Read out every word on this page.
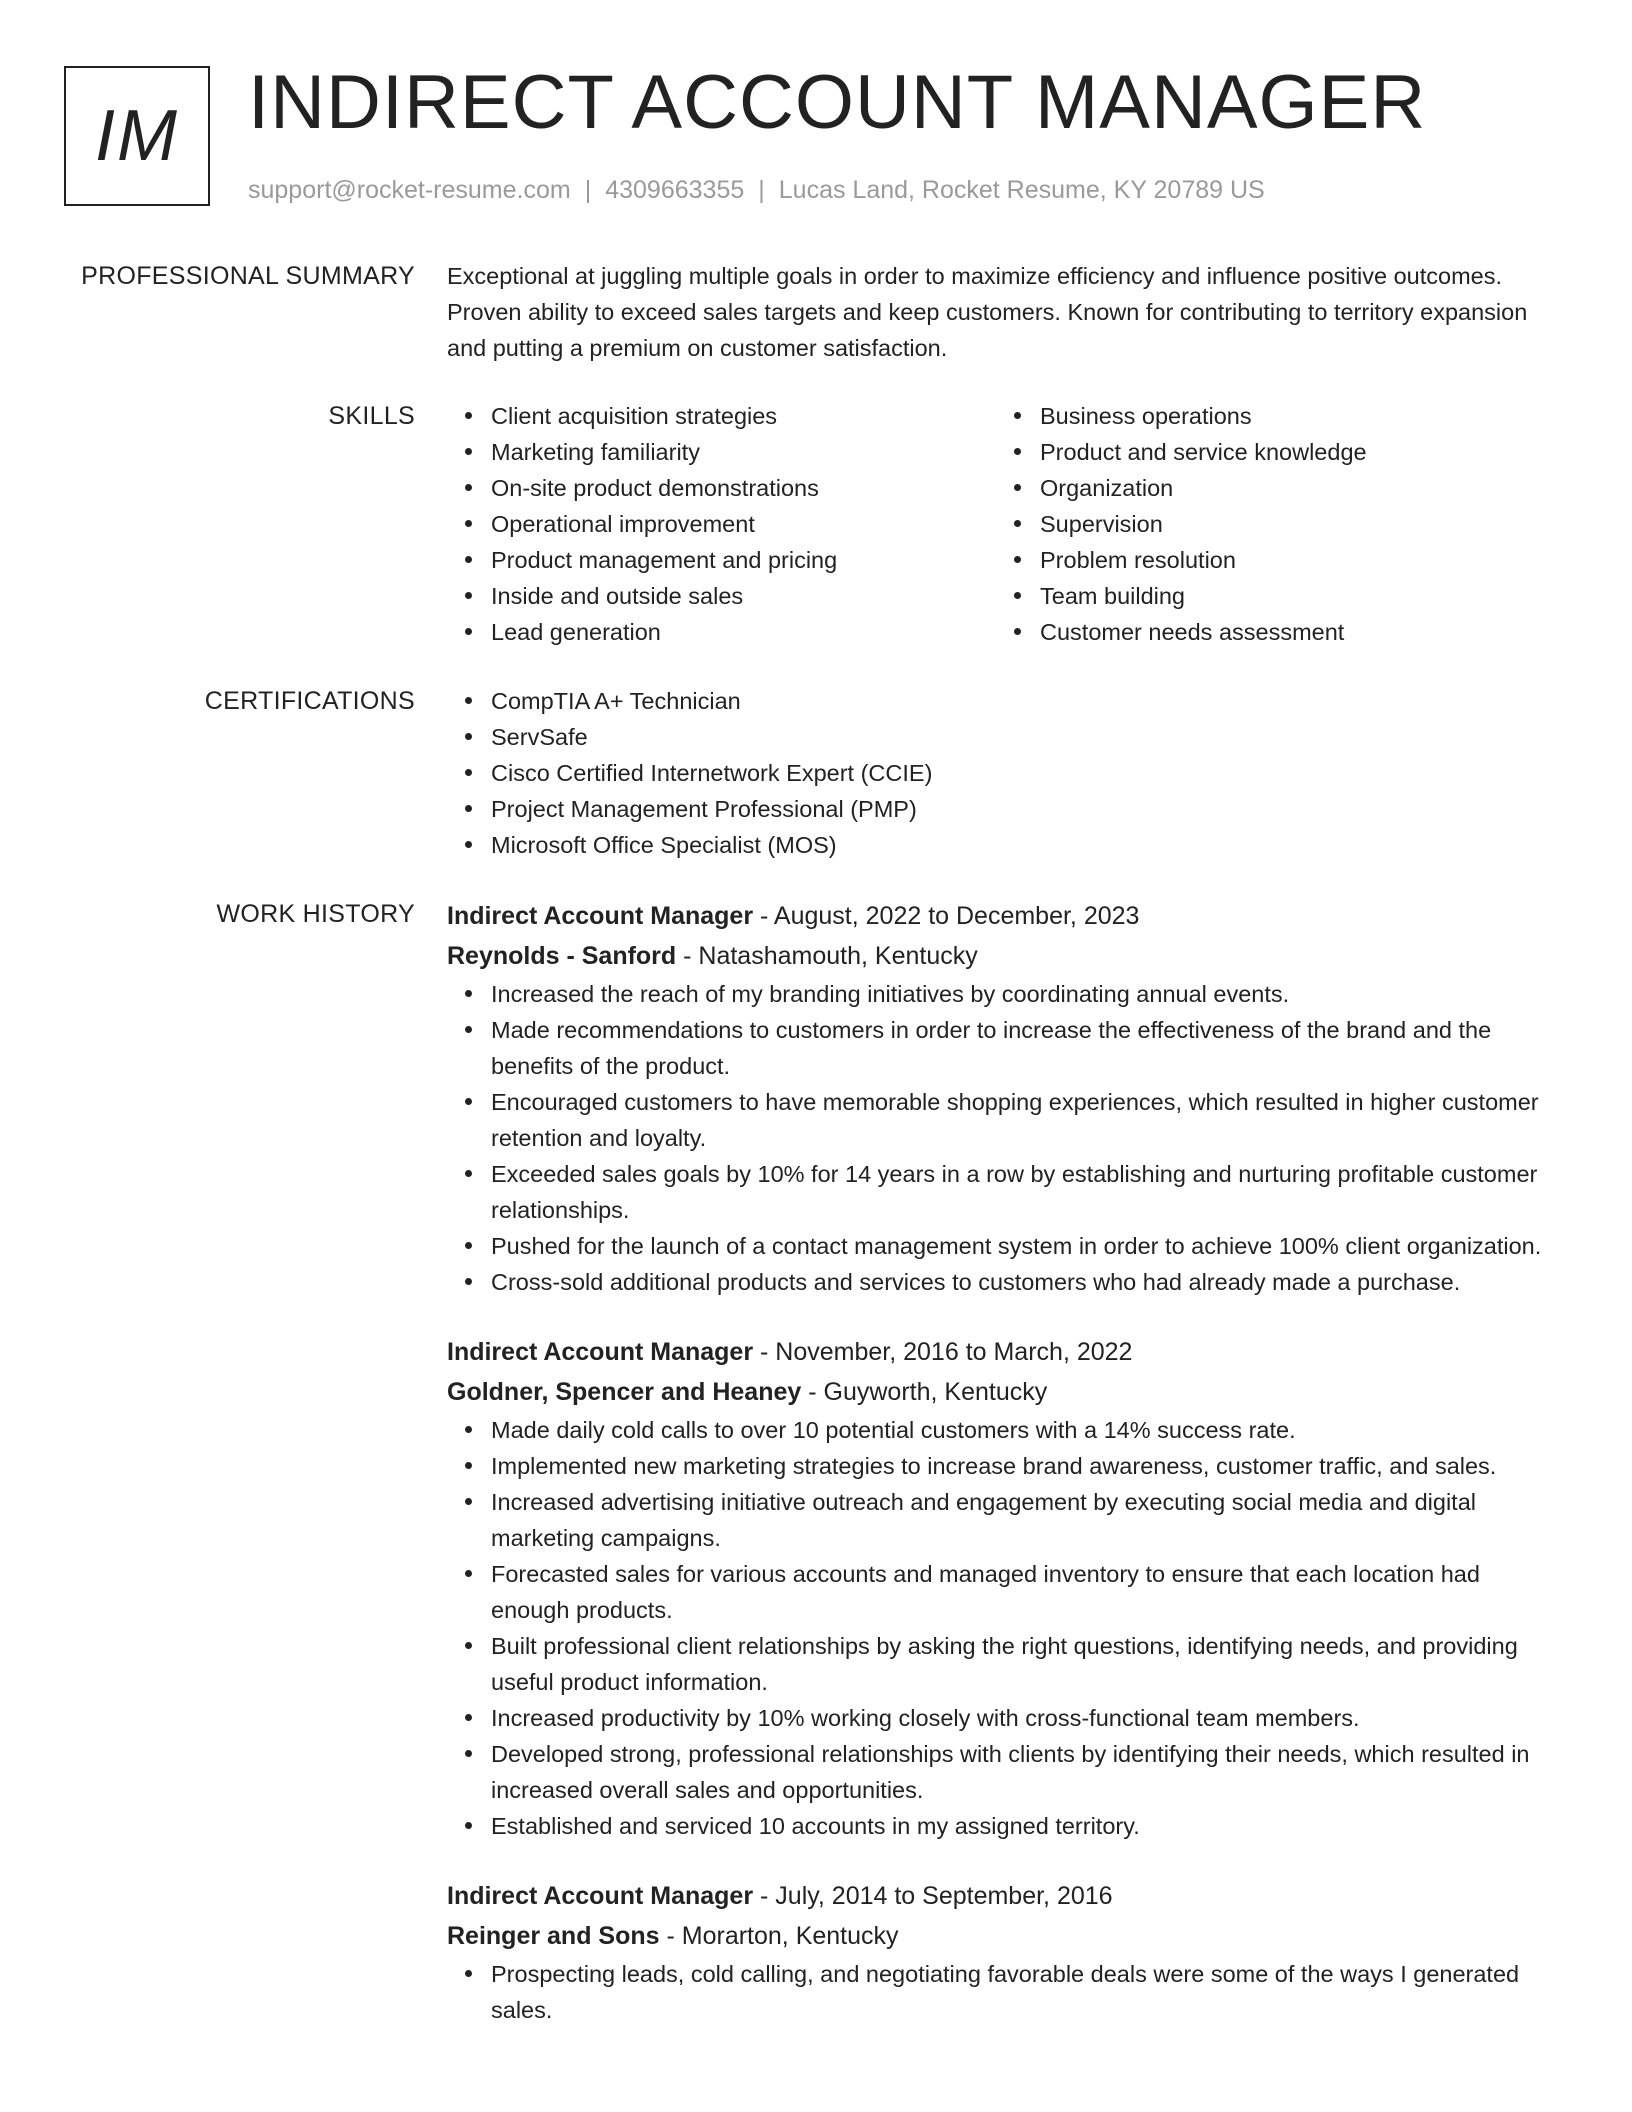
IM INDIRECT ACCOUNT MANAGER
support@rocket-resume.com | 4309663355 | Lucas Land, Rocket Resume, KY 20789 US
PROFESSIONAL SUMMARY Exceptional at juggling multiple goals in order to maximize efficiency and influence positive outcomes. Proven ability to exceed sales targets and keep customers. Known for contributing to territory expansion and putting a premium on customer satisfaction.
SKILLS	Client acquisition strategies
Marketing familiarity
On-site product demonstrations
Operational improvement
Product management and pricing
Inside and outside sales
Lead generation
Business operations
Product and service knowledge
Organization
Supervision
Problem resolution
Team building
Customer needs assessment
CERTIFICATIONS	CompTIA A+ Technician
ServSafe
Cisco Certified Internetwork Expert (CCIE)
Project Management Professional (PMP)
Microsoft Office Specialist (MOS)
WORK HISTORY Indirect Account Manager - August, 2022 to December, 2023
Reynolds - Sanford - Natashamouth, Kentucky
Increased the reach of my branding initiatives by coordinating annual events.
Made recommendations to customers in order to increase the effectiveness of the brand and the benefits of the product.
Encouraged customers to have memorable shopping experiences, which resulted in higher customer retention and loyalty.
Exceeded sales goals by 10% for 14 years in a row by establishing and nurturing profitable customer relationships.
Pushed for the launch of a contact management system in order to achieve 100% client organization.
Cross-sold additional products and services to customers who had already made a purchase.
Indirect Account Manager - November, 2016 to March, 2022
Goldner, Spencer and Heaney - Guyworth, Kentucky
Made daily cold calls to over 10 potential customers with a 14% success rate.
Implemented new marketing strategies to increase brand awareness, customer traffic, and sales.
Increased advertising initiative outreach and engagement by executing social media and digital marketing campaigns.
Forecasted sales for various accounts and managed inventory to ensure that each location had enough products.
Built professional client relationships by asking the right questions, identifying needs, and providing useful product information.
Increased productivity by 10% working closely with cross-functional team members.
Developed strong, professional relationships with clients by identifying their needs, which resulted in increased overall sales and opportunities.
Established and serviced 10 accounts in my assigned territory.
Indirect Account Manager - July, 2014 to September, 2016
Reinger and Sons - Morarton, Kentucky
Prospecting leads, cold calling, and negotiating favorable deals were some of the ways I generated sales.
